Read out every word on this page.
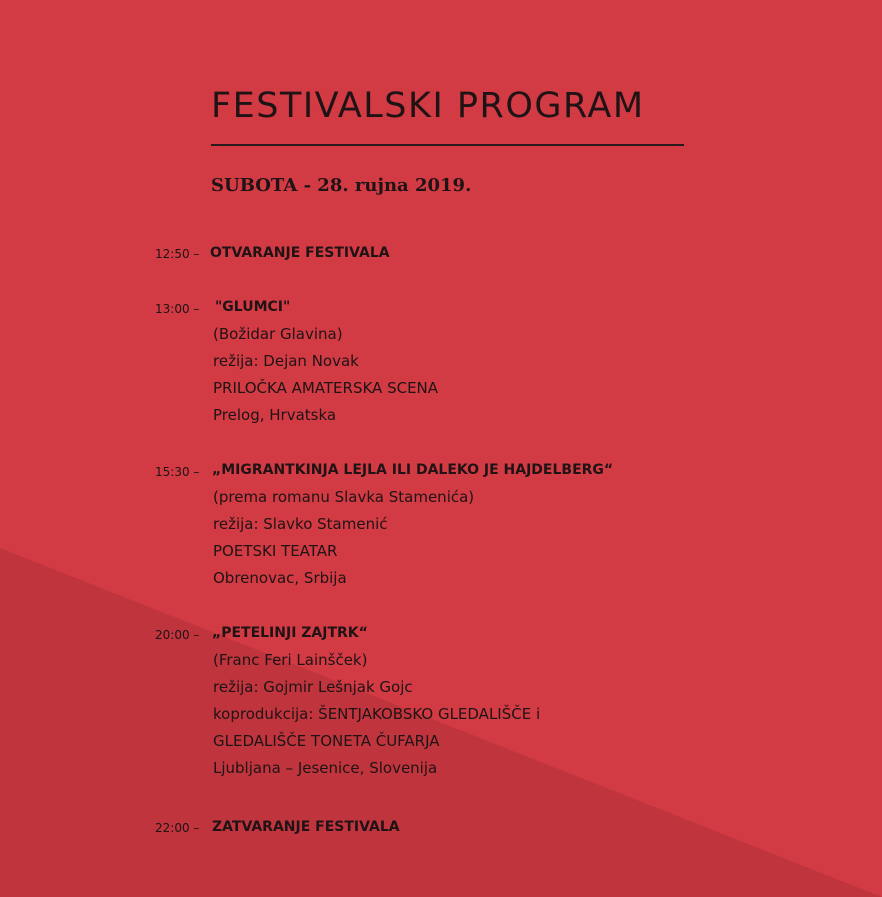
FESTIVALSKI PROGRAM
SUBOTA - 28. rujna 2019.
12:50 – OTVARANJE FESTIVALA
13:00 – "GLUMCI"
(Božidar Glavina)
režija: Dejan Novak
PRILOČKA AMATERSKA SCENA
Prelog, Hrvatska
15:30 – „MIGRANTKINJA LEJLA ILI DALEKO JE HAJDELBERG“
(prema romanu Slavka Stamenića)
režija: Slavko Stamenić
POETSKI TEATAR
Obrenovac, Srbija
20:00 – „PETELINJI ZAJTRK“
(Franc Feri Lainšček)
režija: Gojmir Lešnjak Gojc
koprodukcija: ŠENTJAKOBSKO GLEDALIŠČE i
GLEDALIŠČE TONETA ČUFARJA
Ljubljana – Jesenice, Slovenija
22:00 – ZATVARANJE FESTIVALA
